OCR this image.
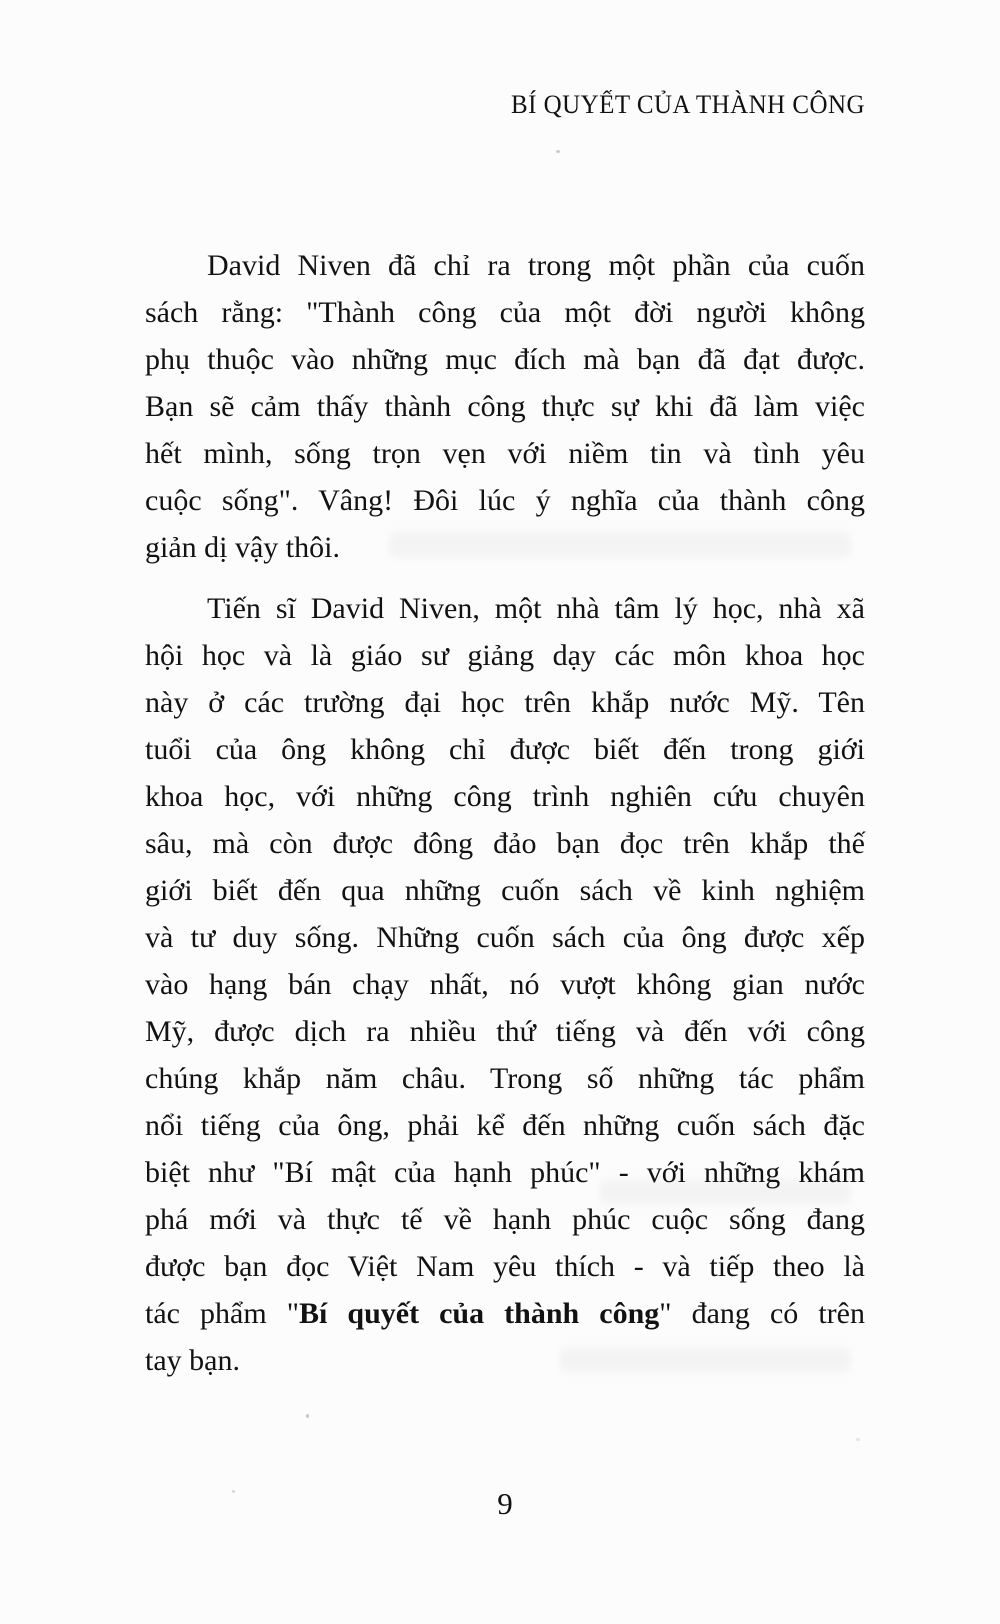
BÍ QUYẾT CỦA THÀNH CÔNG
David Niven đã chỉ ra trong một phần của cuốn
sách rằng: "Thành công của một đời người không
phụ thuộc vào những mục đích mà bạn đã đạt được.
Bạn sẽ cảm thấy thành công thực sự khi đã làm việc
hết mình, sống trọn vẹn với niềm tin và tình yêu
cuộc sống". Vâng! Đôi lúc ý nghĩa của thành công
giản dị vậy thôi.
Tiến sĩ David Niven, một nhà tâm lý học, nhà xã
hội học và là giáo sư giảng dạy các môn khoa học
này ở các trường đại học trên khắp nước Mỹ. Tên
tuổi của ông không chỉ được biết đến trong giới
khoa học, với những công trình nghiên cứu chuyên
sâu, mà còn được đông đảo bạn đọc trên khắp thế
giới biết đến qua những cuốn sách về kinh nghiệm
và tư duy sống. Những cuốn sách của ông được xếp
vào hạng bán chạy nhất, nó vượt không gian nước
Mỹ, được dịch ra nhiều thứ tiếng và đến với công
chúng khắp năm châu. Trong số những tác phẩm
nổi tiếng của ông, phải kể đến những cuốn sách đặc
biệt như "Bí mật của hạnh phúc" - với những khám
phá mới và thực tế về hạnh phúc cuộc sống đang
được bạn đọc Việt Nam yêu thích - và tiếp theo là
tác phẩm "Bí quyết của thành công" đang có trên
tay bạn.
9
